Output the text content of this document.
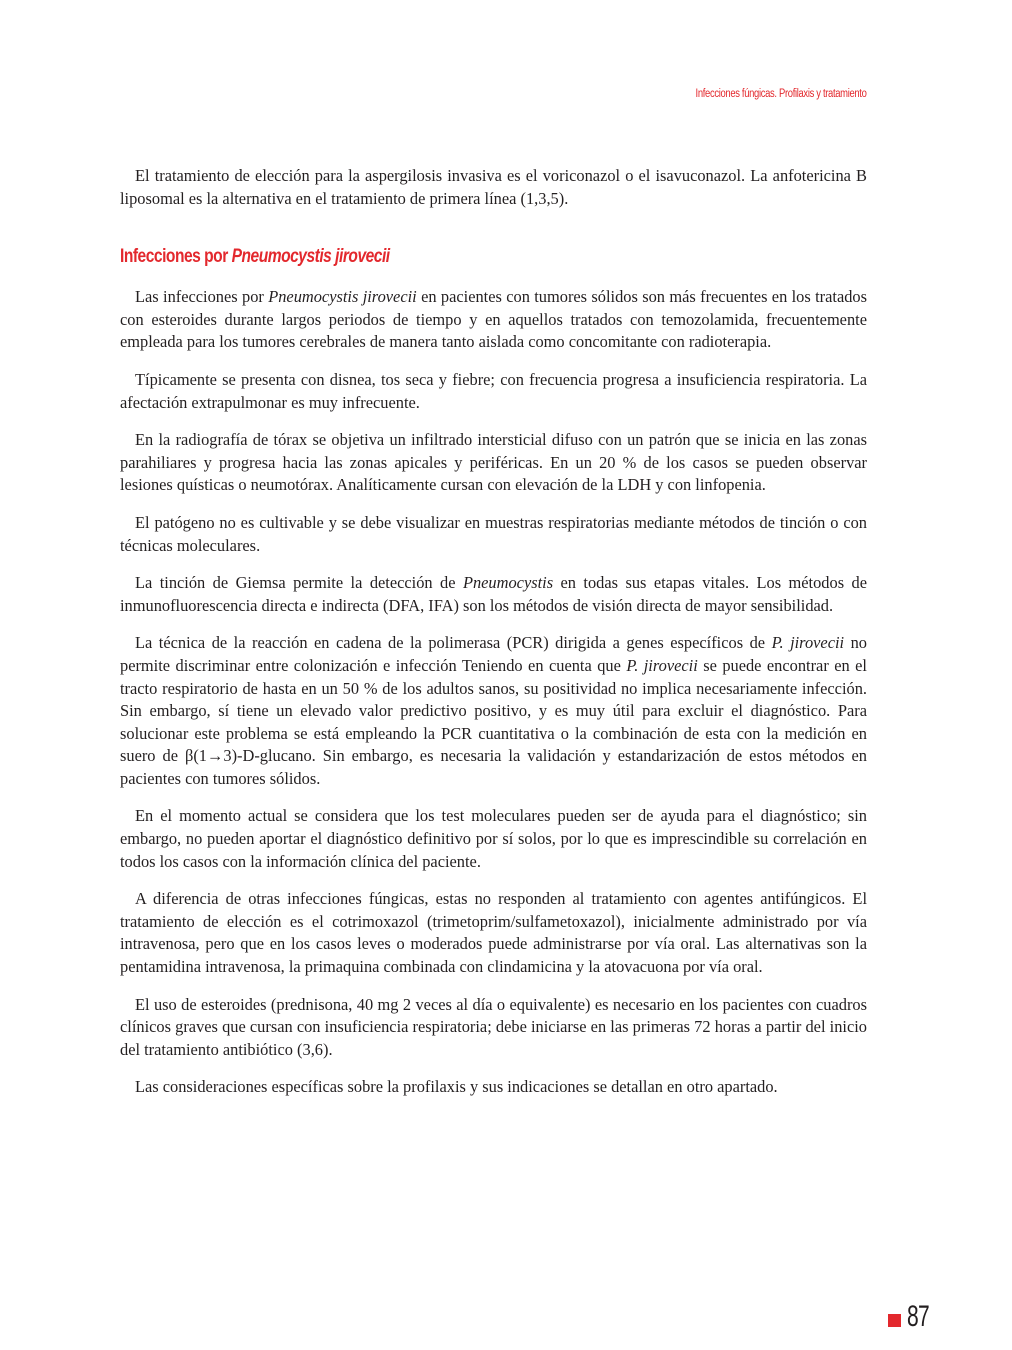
Infecciones fúngicas. Profilaxis y tratamiento

El tratamiento de elección para la aspergilosis invasiva es el voriconazol o el isavuconazol. La anfotericina B liposomal es la alternativa en el tratamiento de primera línea (1,3,5).

Infecciones por Pneumocystis jirovecii

Las infecciones por Pneumocystis jirovecii en pacientes con tumores sólidos son más frecuentes en los tratados con esteroides durante largos periodos de tiempo y en aquellos tratados con temozolamida, frecuentemente empleada para los tumores cerebrales de manera tanto aislada como concomitante con radioterapia.

Típicamente se presenta con disnea, tos seca y fiebre; con frecuencia progresa a insuficiencia respiratoria. La afectación extrapulmonar es muy infrecuente.

En la radiografía de tórax se objetiva un infiltrado intersticial difuso con un patrón que se inicia en las zonas parahiliares y progresa hacia las zonas apicales y periféricas. En un 20 % de los casos se pueden observar lesiones quísticas o neumotórax. Analíticamente cursan con elevación de la LDH y con linfopenia.

El patógeno no es cultivable y se debe visualizar en muestras respiratorias mediante métodos de tinción o con técnicas moleculares.

La tinción de Giemsa permite la detección de Pneumocystis en todas sus etapas vitales. Los métodos de inmunofluorescencia directa e indirecta (DFA, IFA) son los métodos de visión directa de mayor sensibilidad.

La técnica de la reacción en cadena de la polimerasa (PCR) dirigida a genes específicos de P. jirovecii no permite discriminar entre colonización e infección Teniendo en cuenta que P. jirovecii se puede encontrar en el tracto respiratorio de hasta en un 50 % de los adultos sanos, su positividad no implica necesariamente infección. Sin embargo, sí tiene un elevado valor predictivo positivo, y es muy útil para excluir el diagnóstico. Para solucionar este problema se está empleando la PCR cuantitativa o la combinación de esta con la medición en suero de β(1→3)-D-glucano. Sin embargo, es necesaria la validación y estandarización de estos métodos en pacientes con tumores sólidos.

En el momento actual se considera que los test moleculares pueden ser de ayuda para el diagnóstico; sin embargo, no pueden aportar el diagnóstico definitivo por sí solos, por lo que es imprescindible su correlación en todos los casos con la información clínica del paciente.

A diferencia de otras infecciones fúngicas, estas no responden al tratamiento con agentes antifúngicos. El tratamiento de elección es el cotrimoxazol (trimetoprim/sulfametoxazol), inicialmente administrado por vía intravenosa, pero que en los casos leves o moderados puede administrarse por vía oral. Las alternativas son la pentamidina intravenosa, la primaquina combinada con clindamicina y la atovacuona por vía oral.

El uso de esteroides (prednisona, 40 mg 2 veces al día o equivalente) es necesario en los pacientes con cuadros clínicos graves que cursan con insuficiencia respiratoria; debe iniciarse en las primeras 72 horas a partir del inicio del tratamiento antibiótico (3,6).

Las consideraciones específicas sobre la profilaxis y sus indicaciones se detallan en otro apartado.

87
